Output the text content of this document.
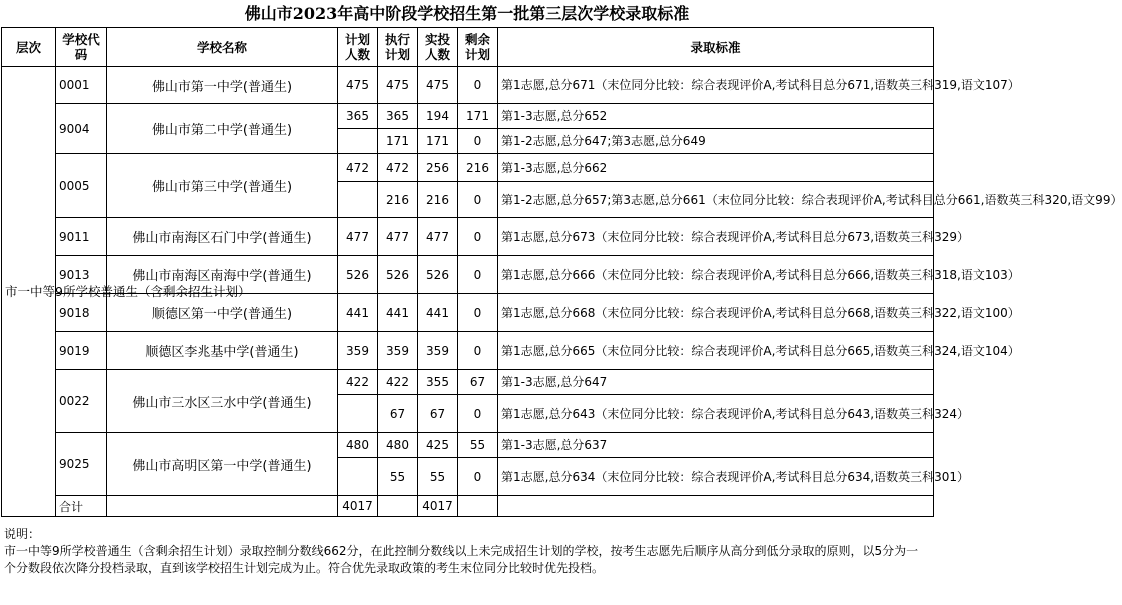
佛山市2023年高中阶段学校招生第一批第三层次学校录取标准
层次	学校代码	学校名称	计划人数	执行计划	实投人数	剩余计划	录取标准
市一中等9所学校普通生（含剩余招生计划）	0001	佛山市第一中学(普通生)	475	475	475	0	第1志愿,总分671（末位同分比较：综合表现评价A,考试科目总分671,语数英三科319,语文107）
	9004	佛山市第二中学(普通生)	365	365	194	171	第1-3志愿,总分652
				171	171	0	第1-2志愿,总分647;第3志愿,总分649
	0005	佛山市第三中学(普通生)	472	472	256	216	第1-3志愿,总分662
				216	216	0	第1-2志愿,总分657;第3志愿,总分661（末位同分比较：综合表现评价A,考试科目总分661,语数英三科320,语文99）
	9011	佛山市南海区石门中学(普通生)	477	477	477	0	第1志愿,总分673（末位同分比较：综合表现评价A,考试科目总分673,语数英三科329）
	9013	佛山市南海区南海中学(普通生)	526	526	526	0	第1志愿,总分666（末位同分比较：综合表现评价A,考试科目总分666,语数英三科318,语文103）
	9018	顺德区第一中学(普通生)	441	441	441	0	第1志愿,总分668（末位同分比较：综合表现评价A,考试科目总分668,语数英三科322,语文100）
	9019	顺德区李兆基中学(普通生)	359	359	359	0	第1志愿,总分665（末位同分比较：综合表现评价A,考试科目总分665,语数英三科324,语文104）
	0022	佛山市三水区三水中学(普通生)	422	422	355	67	第1-3志愿,总分647
				67	67	0	第1志愿,总分643（末位同分比较：综合表现评价A,考试科目总分643,语数英三科324）
	9025	佛山市高明区第一中学(普通生)	480	480	425	55	第1-3志愿,总分637
				55	55	0	第1志愿,总分634（末位同分比较：综合表现评价A,考试科目总分634,语数英三科301）
	合计		4017		4017		
说明：
市一中等9所学校普通生（含剩余招生计划）录取控制分数线662分，在此控制分数线以上未完成招生计划的学校，按考生志愿先后顺序从高分到低分录取的原则，以5分为一个分数段依次降分投档录取，直到该学校招生计划完成为止。符合优先录取政策的考生末位同分比较时优先投档。
